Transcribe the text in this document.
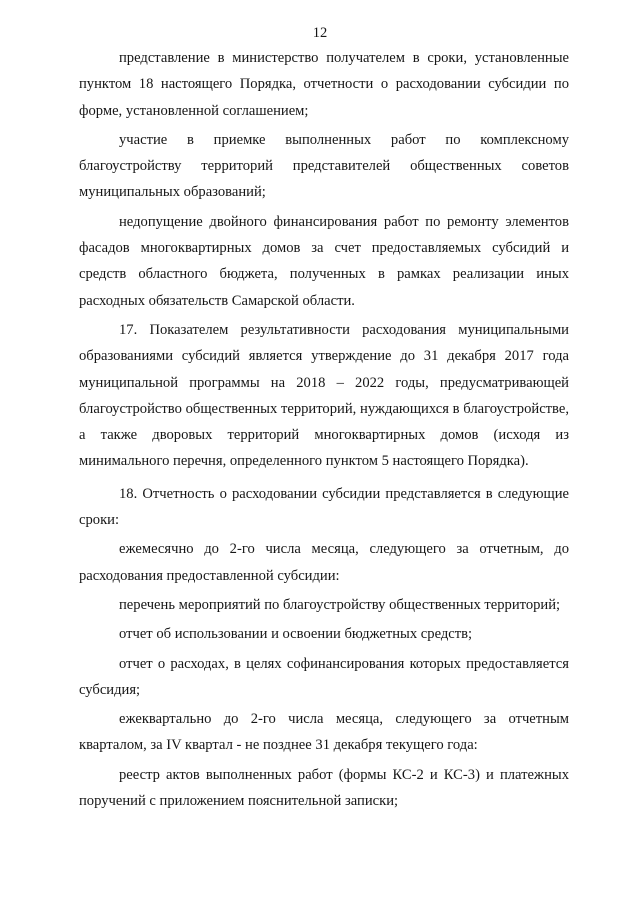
12

представление в министерство получателем в сроки, установленные пунктом 18 настоящего Порядка, отчетности о расходовании субсидии по форме, установленной соглашением;

участие в приемке выполненных работ по комплексному благоустройству территорий представителей общественных советов муниципальных образований;

недопущение двойного финансирования работ по ремонту элементов фасадов многоквартирных домов за счет предоставляемых субсидий и средств областного бюджета, полученных в рамках реализации иных расходных обязательств Самарской области.

17. Показателем результативности расходования муниципальными образованиями субсидий является утверждение до 31 декабря 2017 года муниципальной программы на 2018 – 2022 годы, предусматривающей благоустройство общественных территорий, нуждающихся в благоустройстве, а также дворовых территорий многоквартирных домов (исходя из минимального перечня, определенного пунктом 5 настоящего Порядка).

18. Отчетность о расходовании субсидии представляется в следующие сроки:

ежемесячно до 2-го числа месяца, следующего за отчетным, до расходования предоставленной субсидии:

перечень мероприятий по благоустройству общественных территорий;

отчет об использовании и освоении бюджетных средств;

отчет о расходах, в целях софинансирования которых предоставляется субсидия;

ежеквартально до 2-го числа месяца, следующего за отчетным кварталом, за IV квартал - не позднее 31 декабря текущего года:

реестр актов выполненных работ (формы КС-2 и КС-3) и платежных поручений с приложением пояснительной записки;
